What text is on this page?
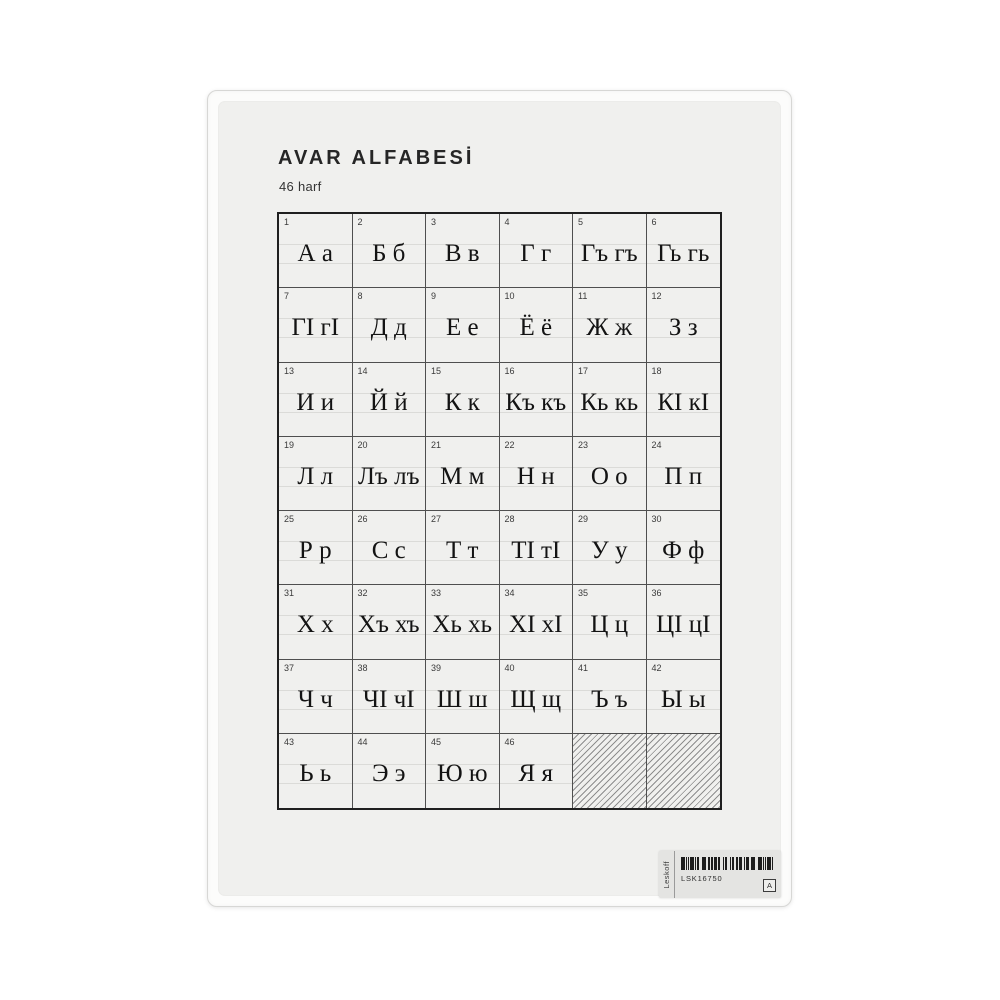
AVAR ALFABESİ
46 harf
1
А а
2
Б б
3
В в
4
Г г
5
Гъ гъ
6
Гь гь
7
ГI гI
8
Д д
9
Е е
10
Ё ё
11
Ж ж
12
З з
13
И и
14
Й й
15
К к
16
Къ къ
17
Кь кь
18
КI кI
19
Л л
20
Лъ лъ
21
М м
22
Н н
23
О о
24
П п
25
Р р
26
С с
27
Т т
28
ТI тI
29
У у
30
Ф ф
31
Х х
32
Хъ хъ
33
Хь хь
34
ХI хI
35
Ц ц
36
ЦI цI
37
Ч ч
38
ЧI чI
39
Ш ш
40
Щ щ
41
Ъ ъ
42
Ы ы
43
Ь ь
44
Э э
45
Ю ю
46
Я я
Leskoff LSK16750
A
